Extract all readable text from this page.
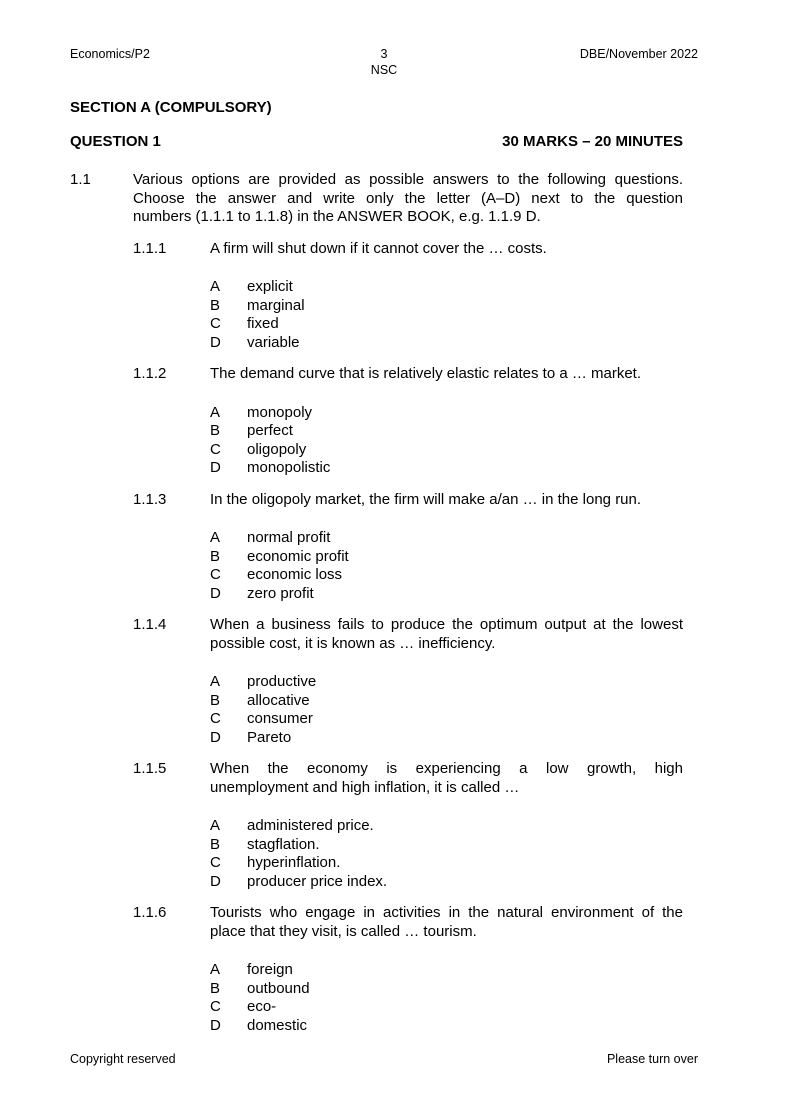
Economics/P2	3
NSC
DBE/November 2022
SECTION A (COMPULSORY)
QUESTION 1	30 MARKS – 20 MINUTES
1.1	Various options are provided as possible answers to the following questions.
Choose the answer and write only the letter (A–D) next to the question
numbers (1.1.1 to 1.1.8) in the ANSWER BOOK, e.g. 1.1.9 D.
1.1.1	A firm will shut down if it cannot cover the … costs.
A	explicit
B	marginal
C	fixed
D	variable
1.1.2	The demand curve that is relatively elastic relates to a … market.
A	monopoly
B	perfect
C	oligopoly
D	monopolistic
1.1.3	In the oligopoly market, the firm will make a/an … in the long run.
A	normal profit
B	economic profit
C	economic loss
D	zero profit
1.1.4	When a business fails to produce the optimum output at the lowest
possible cost, it is known as … inefficiency.
A	productive
B	allocative
C	consumer
D	Pareto
1.1.5	When the economy is experiencing a low growth, high
unemployment and high inflation, it is called …
A	administered price.
B	stagflation.
C	hyperinflation.
D	producer price index.
1.1.6	Tourists who engage in activities in the natural environment of the
place that they visit, is called … tourism.
A	foreign
B	outbound
C	eco-
D	domestic
Copyright reserved	Please turn over
